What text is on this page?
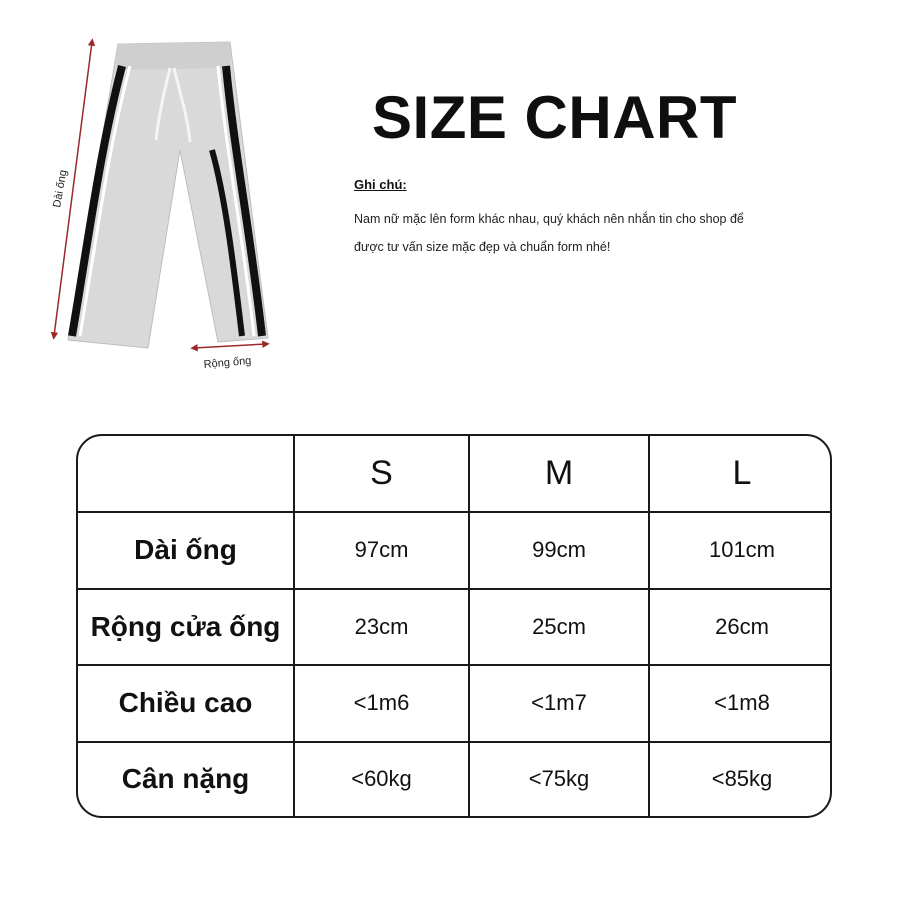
Dài ống
Rộng ống
SIZE CHART
Ghi chú:
Nam nữ mặc lên form khác nhau, quý khách nên nhắn tin cho shop để
được tư vấn size mặc đẹp và chuẩn form nhé!
	S	M	L
Dài ống	97cm	99cm	101cm
Rộng cửa ống	23cm	25cm	26cm
Chiều cao	<1m6	<1m7	<1m8
Cân nặng	<60kg	<75kg	<85kg
